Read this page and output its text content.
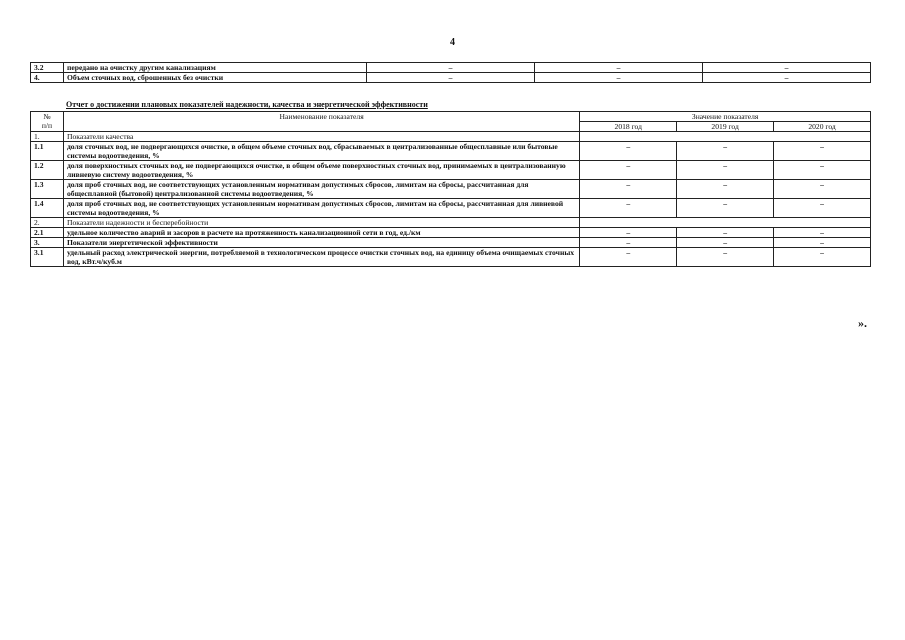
4
3.2	передано на очистку другим канализациям	–	–	–
4.	Объем сточных вод, сброшенных без очистки	–	–	–
Отчет о достижении плановых показателей надежности, качества и энергетической эффективности
№
п/п	Наименование показателя	Значение показателя		
		2018 год	2019 год	2020 год
1.	Показатели качества			
1.1	доля сточных вод, не подвергающихся очистке, в общем объеме сточных вод, сбрасываемых в централизованные общесплавные или бытовые системы водоотведения, %	–	–	–
1.2	доля поверхностных сточных вод, не подвергающихся очистке, в общем объеме поверхностных сточных вод, принимаемых в централизованную ливневую систему водоотведения, %	–	–	–
1.3	доля проб сточных вод, не соответствующих установленным нормативам допустимых сбросов, лимитам на сбросы, рассчитанная для общесплавной (бытовой) централизованной системы водоотведения, %	–	–	–
1.4	доля проб сточных вод, не соответствующих установленным нормативам допустимых сбросов, лимитам на сбросы, рассчитанная для ливневой системы водоотведения, %	–	–	–
2.	Показатели надежности и бесперебойности			
2.1	удельное количество аварий и засоров в расчете на протяженность канализационной сети в год, ед./км	–	–	–
3.	Показатели энергетической эффективности	–	–	–
3.1	удельный расход электрической энергии, потребляемой в технологическом процессе очистки сточных вод, на единицу объема очищаемых сточных вод, кВт.ч/куб.м	–	–	–
».
